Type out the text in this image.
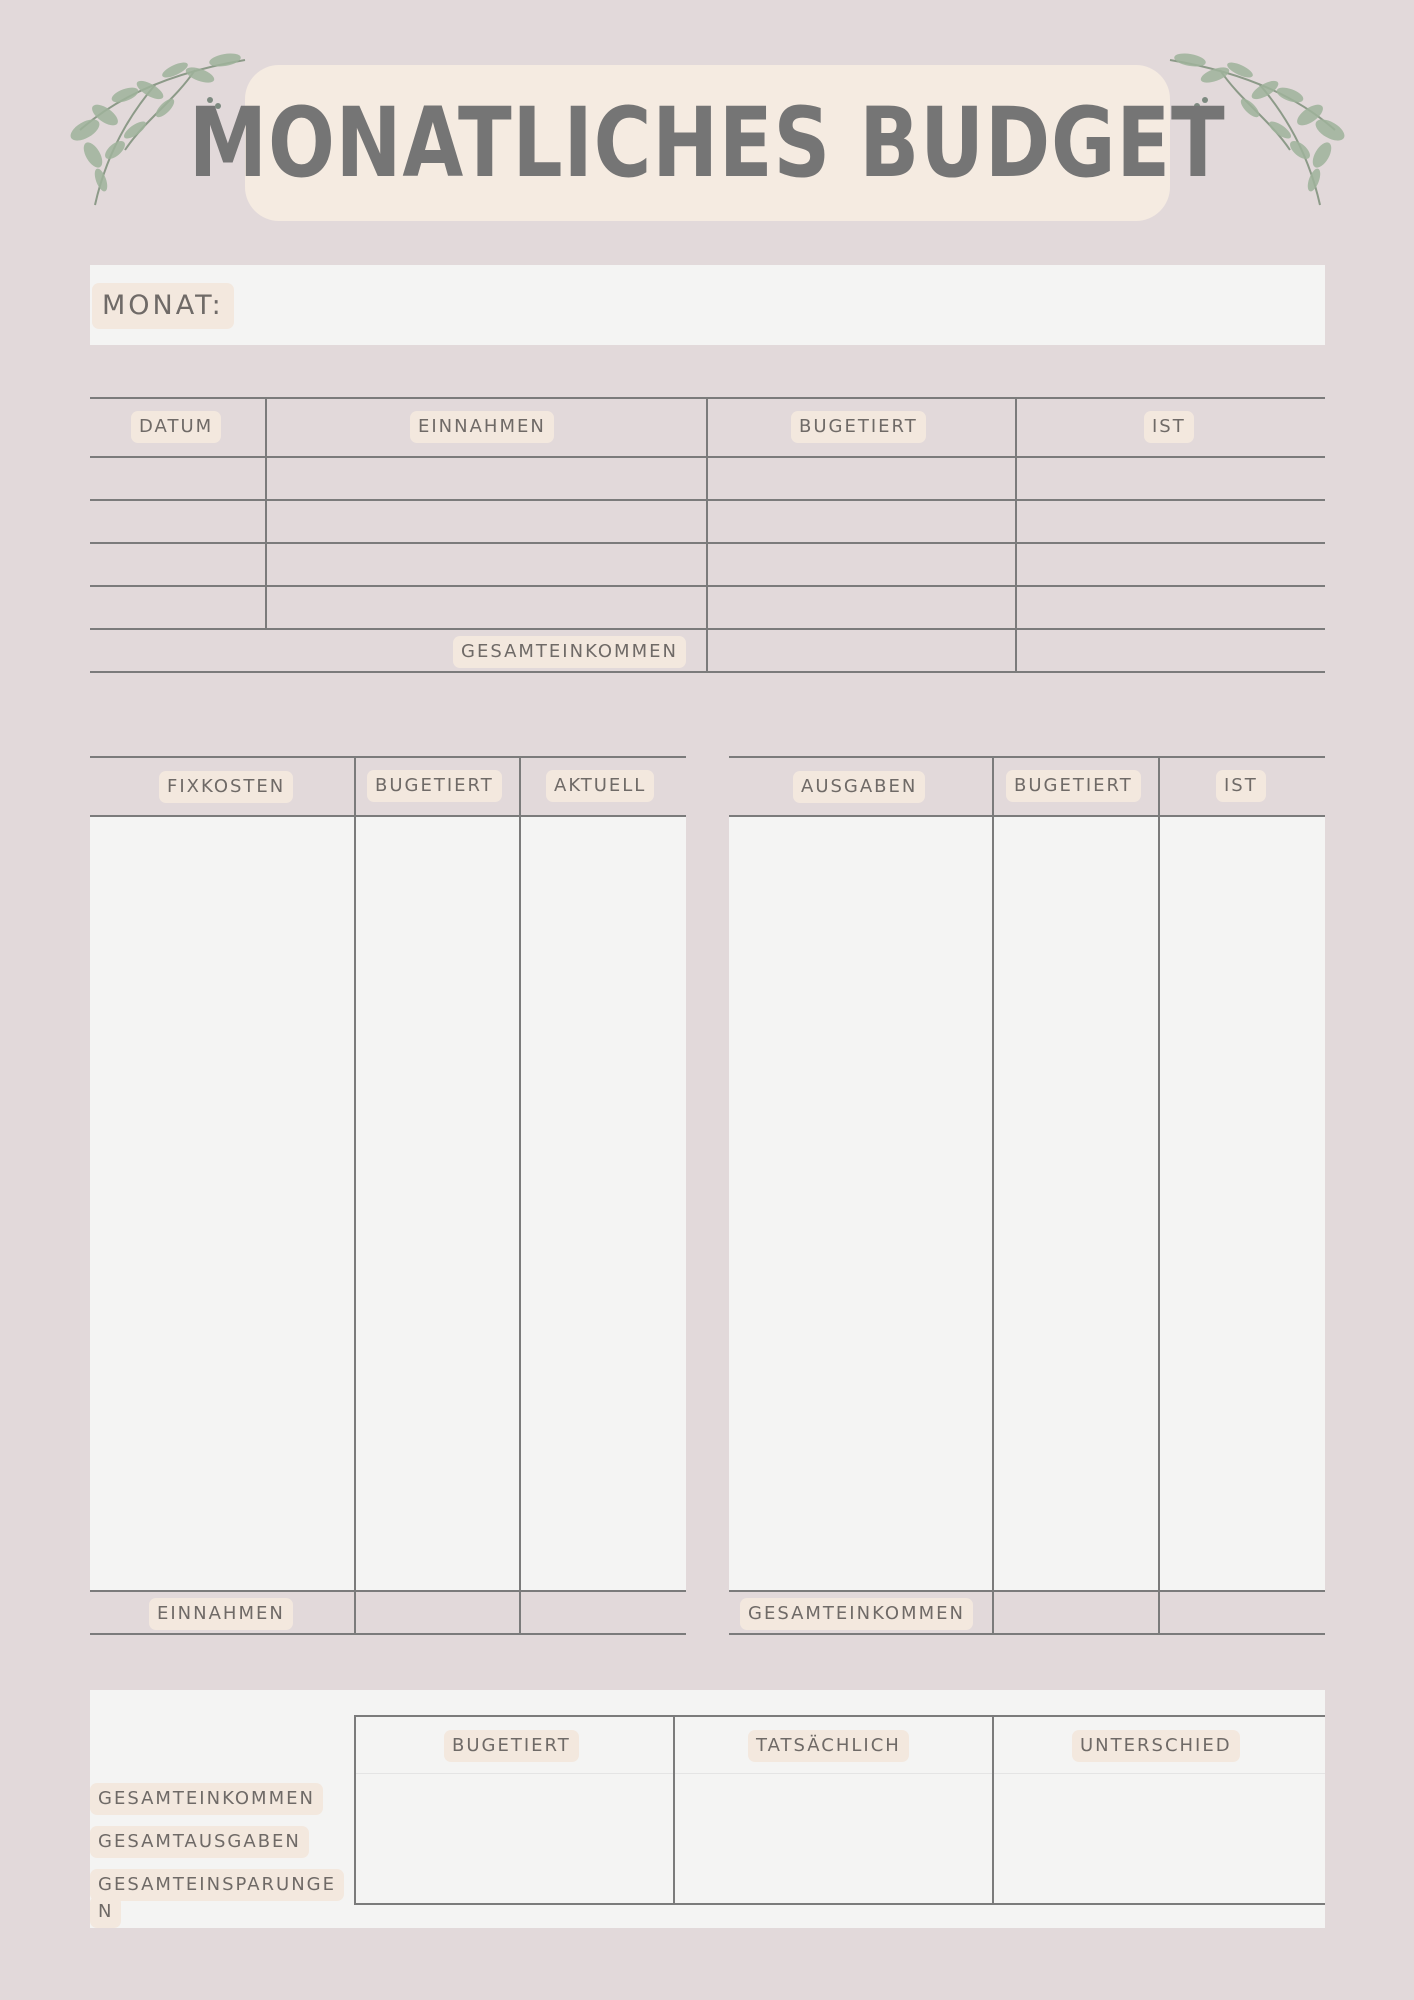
MONATLICHES BUDGET
MONAT:
DATUM	EINNAHMEN	BUGETIERT	IST
GESAMTEINKOMMEN
FIXKOSTEN	BUGETIERT	AKTUELL
EINNAHMEN
AUSGABEN	BUGETIERT	IST
GESAMTEINKOMMEN
BUGETIERT	TATSÄCHLICH	UNTERSCHIED
GESAMTEINKOMMEN
GESAMTAUSGABEN
GESAMTEINSPARUNGE
N
